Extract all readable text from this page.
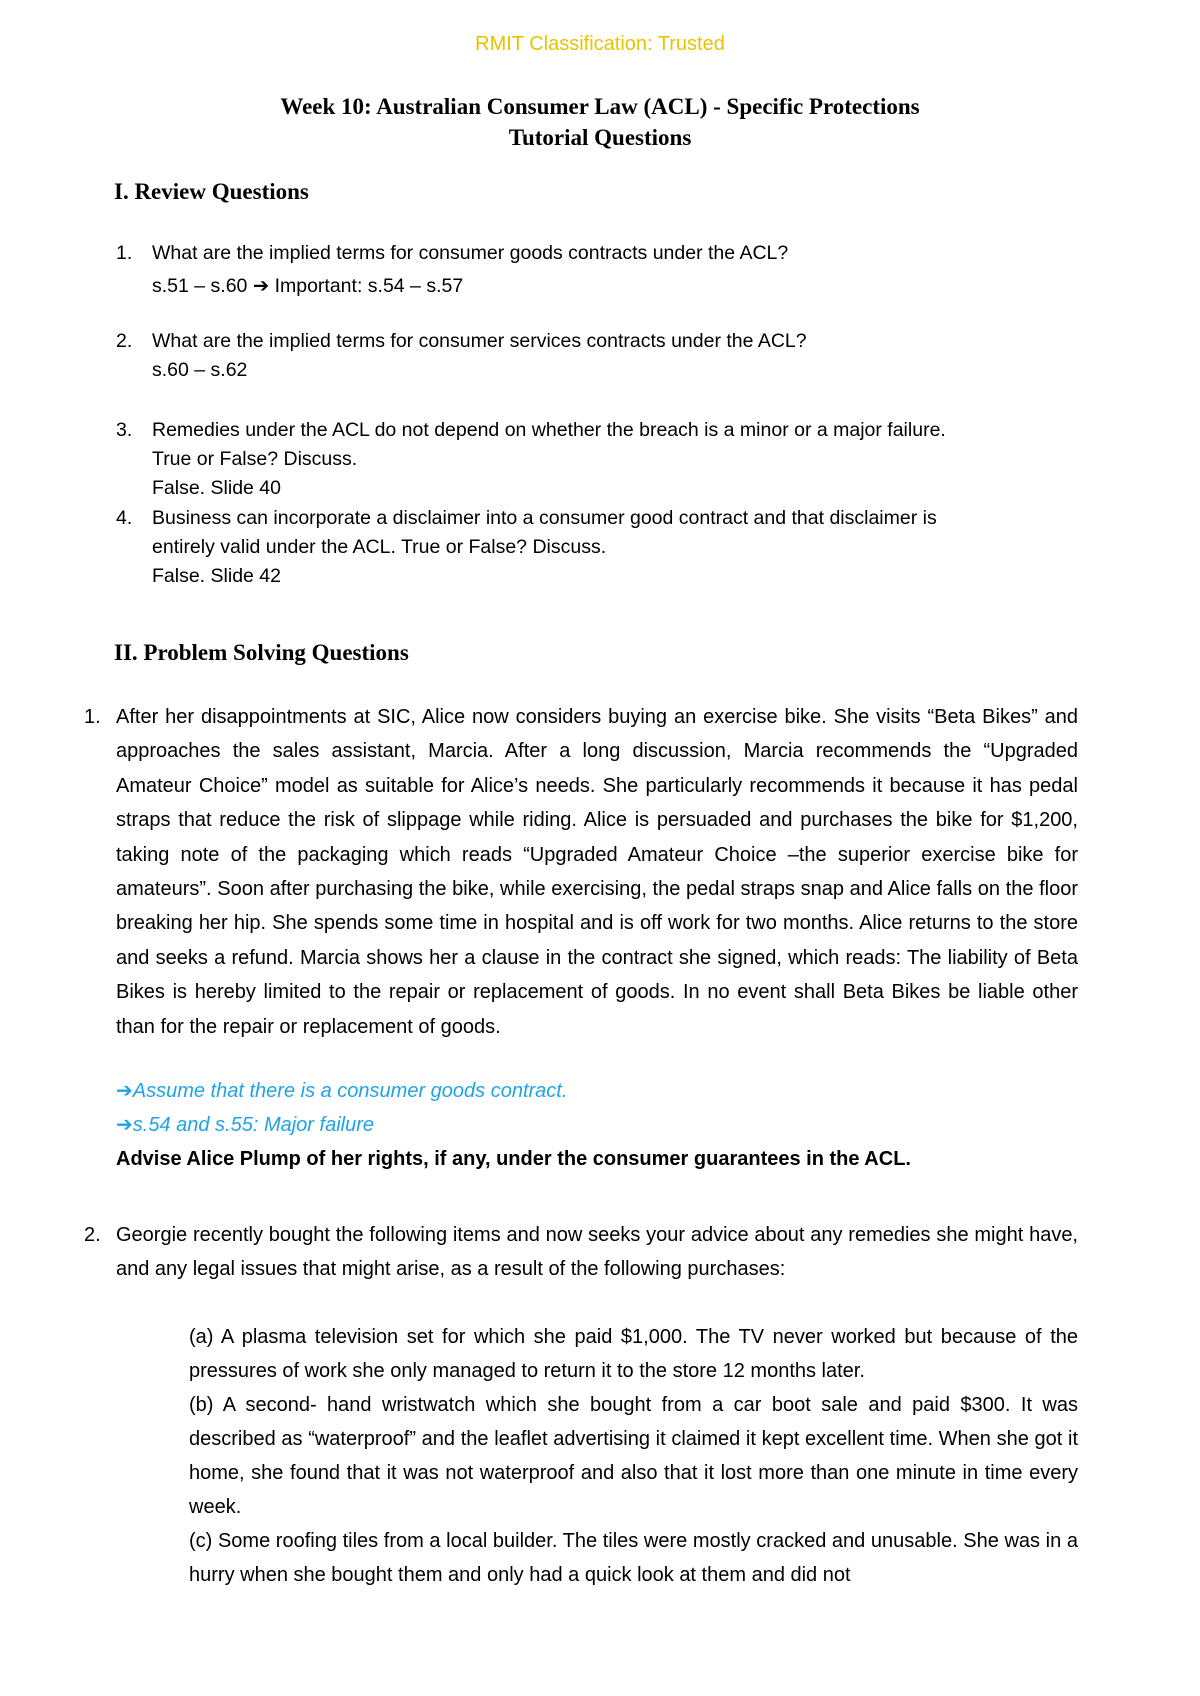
RMIT Classification: Trusted
Week 10: Australian Consumer Law (ACL) - Specific Protections
Tutorial Questions
I. Review Questions
1. What are the implied terms for consumer goods contracts under the ACL?
s.51 – s.60 ➔ Important: s.54 – s.57
2. What are the implied terms for consumer services contracts under the ACL?
s.60 – s.62
3. Remedies under the ACL do not depend on whether the breach is a minor or a major failure.
True or False? Discuss.
False. Slide 40
4. Business can incorporate a disclaimer into a consumer good contract and that disclaimer is
entirely valid under the ACL. True or False? Discuss.
False. Slide 42
II. Problem Solving Questions
1. After her disappointments at SIC, Alice now considers buying an exercise bike. She visits “Beta Bikes” and approaches the sales assistant, Marcia. After a long discussion, Marcia recommends the “Upgraded Amateur Choice” model as suitable for Alice’s needs. She particularly recommends it because it has pedal straps that reduce the risk of slippage while riding. Alice is persuaded and purchases the bike for $1,200, taking note of the packaging which reads “Upgraded Amateur Choice –the superior exercise bike for amateurs”. Soon after purchasing the bike, while exercising, the pedal straps snap and Alice falls on the floor breaking her hip. She spends some time in hospital and is off work for two months. Alice returns to the store and seeks a refund. Marcia shows her a clause in the contract she signed, which reads: The liability of Beta Bikes is hereby limited to the repair or replacement of goods. In no event shall Beta Bikes be liable other than for the repair or replacement of goods.
➔Assume that there is a consumer goods contract.
➔s.54 and s.55: Major failure
Advise Alice Plump of her rights, if any, under the consumer guarantees in the ACL.
2. Georgie recently bought the following items and now seeks your advice about any remedies she might have, and any legal issues that might arise, as a result of the following purchases:
(a) A plasma television set for which she paid $1,000. The TV never worked but because of the pressures of work she only managed to return it to the store 12 months later.
(b) A second- hand wristwatch which she bought from a car boot sale and paid $300. It was described as “waterproof” and the leaflet advertising it claimed it kept excellent time. When she got it home, she found that it was not waterproof and also that it lost more than one minute in time every week.
(c) Some roofing tiles from a local builder. The tiles were mostly cracked and unusable. She was in a hurry when she bought them and only had a quick look at them and did not
